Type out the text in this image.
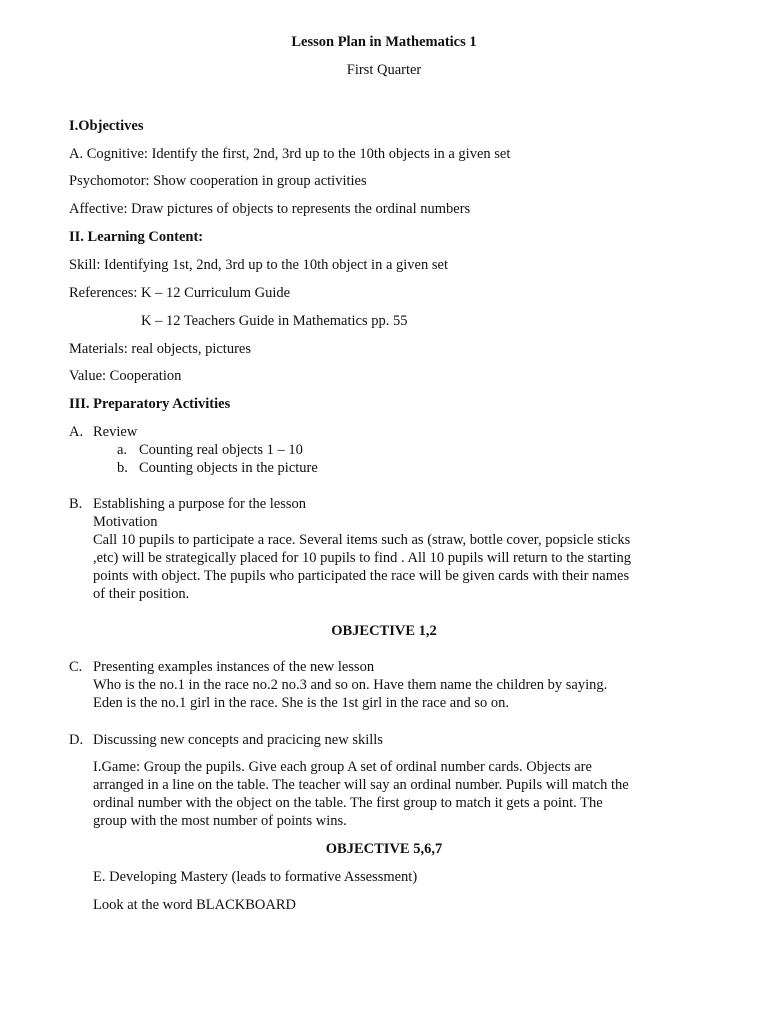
Lesson Plan in Mathematics 1
First Quarter
I.Objectives
A. Cognitive: Identify the first, 2nd, 3rd up to the 10th objects in a given set
Psychomotor: Show cooperation in group activities
Affective: Draw pictures of objects to represents the ordinal numbers
II. Learning Content:
Skill: Identifying 1st, 2nd, 3rd up to the 10th object in a given set
References: K – 12 Curriculum Guide
K – 12 Teachers Guide in Mathematics pp. 55
Materials: real objects, pictures
Value: Cooperation
III. Preparatory Activities
A. Review
a. Counting real objects 1 – 10
b. Counting objects in the picture
B. Establishing a purpose for the lesson
Motivation
Call 10 pupils to participate a race. Several items such as (straw, bottle cover, popsicle sticks
,etc) will be strategically placed for 10 pupils to find . All 10 pupils will return to the starting
points with object. The pupils who participated the race will be given cards with their names
of their position.
OBJECTIVE 1,2
C. Presenting examples instances of the new lesson
Who is the no.1 in the race no.2 no.3 and so on. Have them name the children by saying.
Eden is the no.1 girl in the race. She is the 1st girl in the race and so on.
D. Discussing new concepts and pracicing new skills
I.Game: Group the pupils. Give each group A set of ordinal number cards. Objects are
arranged in a line on the table. The teacher will say an ordinal number. Pupils will match the
ordinal number with the object on the table. The first group to match it gets a point. The
group with the most number of points wins.
OBJECTIVE 5,6,7
E. Developing Mastery (leads to formative Assessment)
Look at the word BLACKBOARD
